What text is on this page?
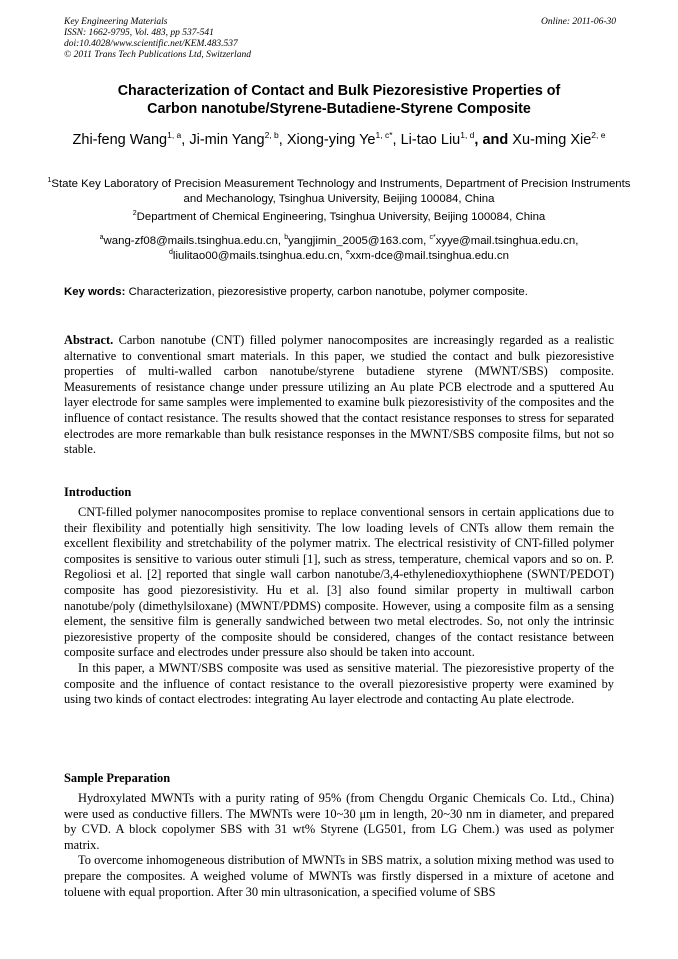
Key Engineering Materials
ISSN: 1662-9795, Vol. 483, pp 537-541
doi:10.4028/www.scientific.net/KEM.483.537
© 2011 Trans Tech Publications Ltd, Switzerland
Online: 2011-06-30
Characterization of Contact and Bulk Piezoresistive Properties of
Carbon nanotube/Styrene-Butadiene-Styrene Composite
Zhi-feng Wang$^{1, a}$, Ji-min Yang$^{2, b}$, Xiong-ying $Ye^{1, c*}$, Li-tao Liu$^{1, d}$, and Xu-ming Xie$^{2, e}$
$^1$State Key Laboratory of Precision Measurement Technology and Instruments, Department of Precision Instruments and Mechanology, Tsinghua University, Beijing 100084, China
$^2$Department of Chemical Engineering, Tsinghua University, Beijing 100084, China
$^a$wang-zf08@mails.tsinghua.edu.cn, $^b$yangjimin_2005@163.com, $^{c*}$xyye@mail.tsinghua.edu.cn,
$^d$liulitao00@mails.tsinghua.edu.cn, $^e$xxm-dce@mail.tsinghua.edu.cn
Key words: Characterization, piezoresistive property, carbon nanotube, polymer composite.
Abstract. Carbon nanotube (CNT) filled polymer nanocomposites are increasingly regarded as a realistic alternative to conventional smart materials. In this paper, we studied the contact and bulk piezoresistive properties of multi-walled carbon nanotube/styrene butadiene styrene (MWNT/SBS) composite. Measurements of resistance change under pressure utilizing an Au plate PCB electrode and a sputtered Au layer electrode for same samples were implemented to examine bulk piezoresistivity of the composites and the influence of contact resistance. The results showed that the contact resistance responses to stress for separated electrodes are more remarkable than bulk resistance responses in the MWNT/SBS composite films, but not so stable.
Introduction

CNT-filled polymer nanocomposites promise to replace conventional sensors in certain applications due to their flexibility and potentially high sensitivity. The low loading levels of CNTs allow them remain the excellent flexibility and stretchability of the polymer matrix. The electrical resistivity of CNT-filled polymer composites is sensitive to various outer stimuli [1], such as stress, temperature, chemical vapors and so on. P. Regoliosi et al. [2] reported that single wall carbon nanotube/3,4-ethylenedioxythiophene (SWNT/PEDOT) composite has good piezoresistivity. Hu et al. [3] also found similar property in multiwall carbon nanotube/poly (dimethylsiloxane) (MWNT/PDMS) composite. However, using a composite film as a sensing element, the sensitive film is generally sandwiched between two metal electrodes. So, not only the intrinsic piezoresistive property of the composite should be considered, changes of the contact resistance between composite surface and electrodes under pressure also should be taken into account.

In this paper, a MWNT/SBS composite was used as sensitive material. The piezoresistive property of the composite and the influence of contact resistance to the overall piezoresistive property were examined by using two kinds of contact electrodes: integrating Au layer electrode and contacting Au plate electrode.

Sample Preparation

Hydroxylated MWNTs with a purity rating of 95% (from Chengdu Organic Chemicals Co. Ltd., China) were used as conductive fillers. The MWNTs were 10~30 μm in length, 20~30 nm in diameter, and prepared by CVD. A block copolymer SBS with 31 wt% Styrene (LG501, from LG Chem.) was used as polymer matrix.

To overcome inhomogeneous distribution of MWNTs in SBS matrix, a solution mixing method was used to prepare the composites. A weighed volume of MWNTs was firstly dispersed in a mixture of acetone and toluene with equal proportion. After 30 min ultrasonication, a specified volume of SBS
